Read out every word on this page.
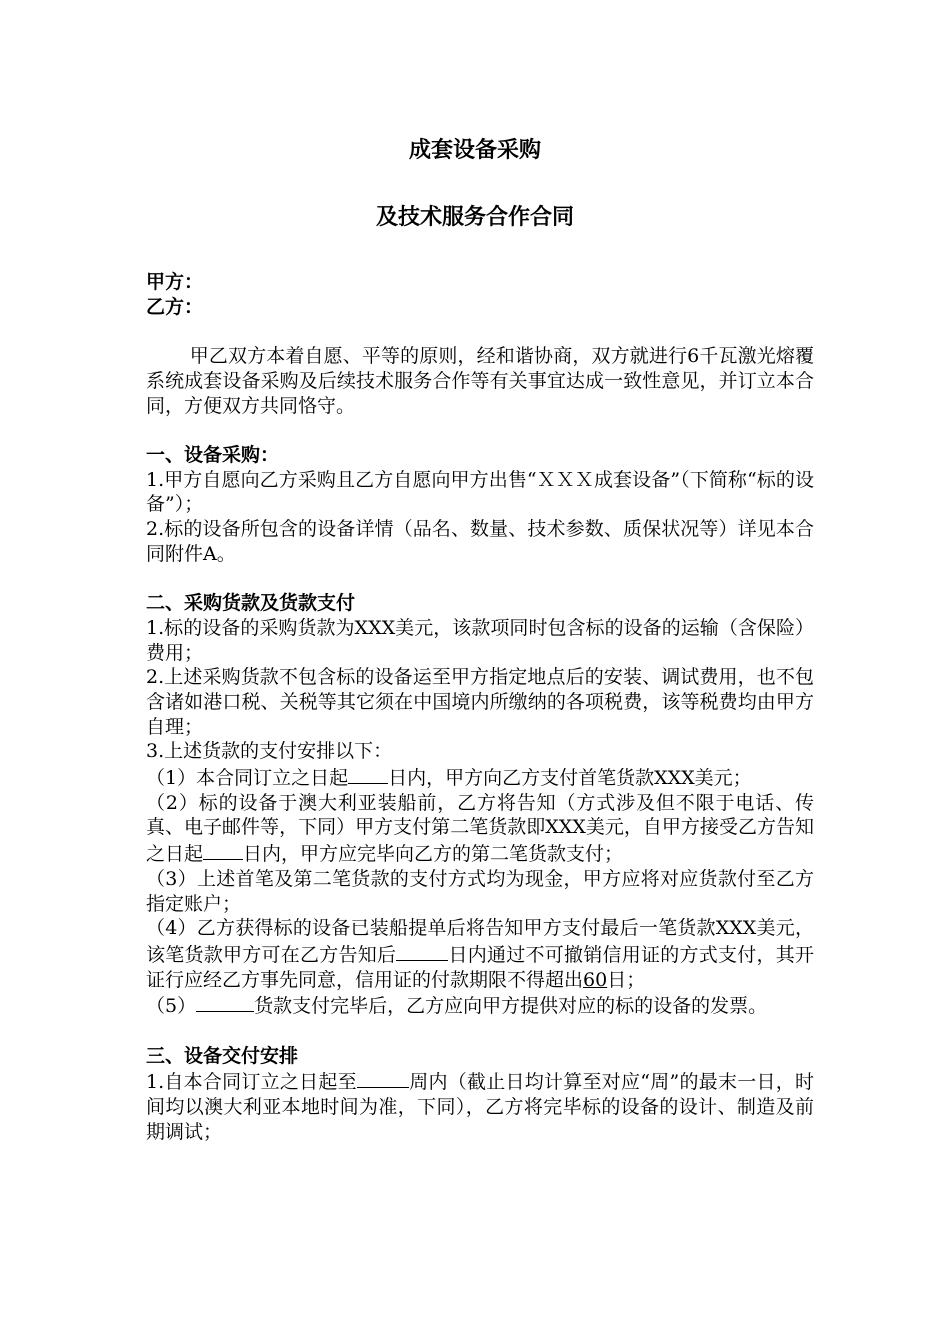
成套设备采购
及技术服务合作合同

甲方：

乙方：

甲乙双方本着自愿、平等的原则，经和谐协商，双方就进行6千瓦激光熔覆系统成套设备采购及后续技术服务合作等有关事宜达成一致性意见，并订立本合同，方便双方共同恪守。

一、设备采购：

1.甲方自愿向乙方采购且乙方自愿向甲方出售“ＸＸＸ成套设备”（下简称“标的设备”）；

2.标的设备所包含的设备详情（品名、数量、技术参数、质保状况等）详见本合同附件A。

二、采购货款及货款支付

1.标的设备的采购货款为XXX美元，该款项同时包含标的设备的运输（含保险）费用；

2.上述采购货款不包含标的设备运至甲方指定地点后的安装、调试费用，也不包含诸如港口税、关税等其它须在中国境内所缴纳的各项税费，该等税费均由甲方自理；

3.上述货款的支付安排以下：

（1）本合同订立之日起 日内，甲方向乙方支付首笔货款XXX美元；

（2）标的设备于澳大利亚装船前，乙方将告知（方式涉及但不限于电话、传真、电子邮件等，下同）甲方支付第二笔货款即XXX美元，自甲方接受乙方告知之日起 日内，甲方应完毕向乙方的第二笔货款支付；

（3）上述首笔及第二笔货款的支付方式均为现金，甲方应将对应货款付至乙方指定账户；

（4）乙方获得标的设备已装船提单后将告知甲方支付最后一笔货款XXX美元，该笔货款甲方可在乙方告知后	日内通过不可撤销信用证的方式支付，其开证行应经乙方事先同意，信用证的付款期限不得超出60日；

（5）	货款支付完毕后，乙方应向甲方提供对应的标的设备的发票。

三、设备交付安排

1.自本合同订立之日起至	周内（截止日均计算至对应“周”的最末一日，时间均以澳大利亚本地时间为准，下同），乙方将完毕标的设备的设计、制造及前期调试；
